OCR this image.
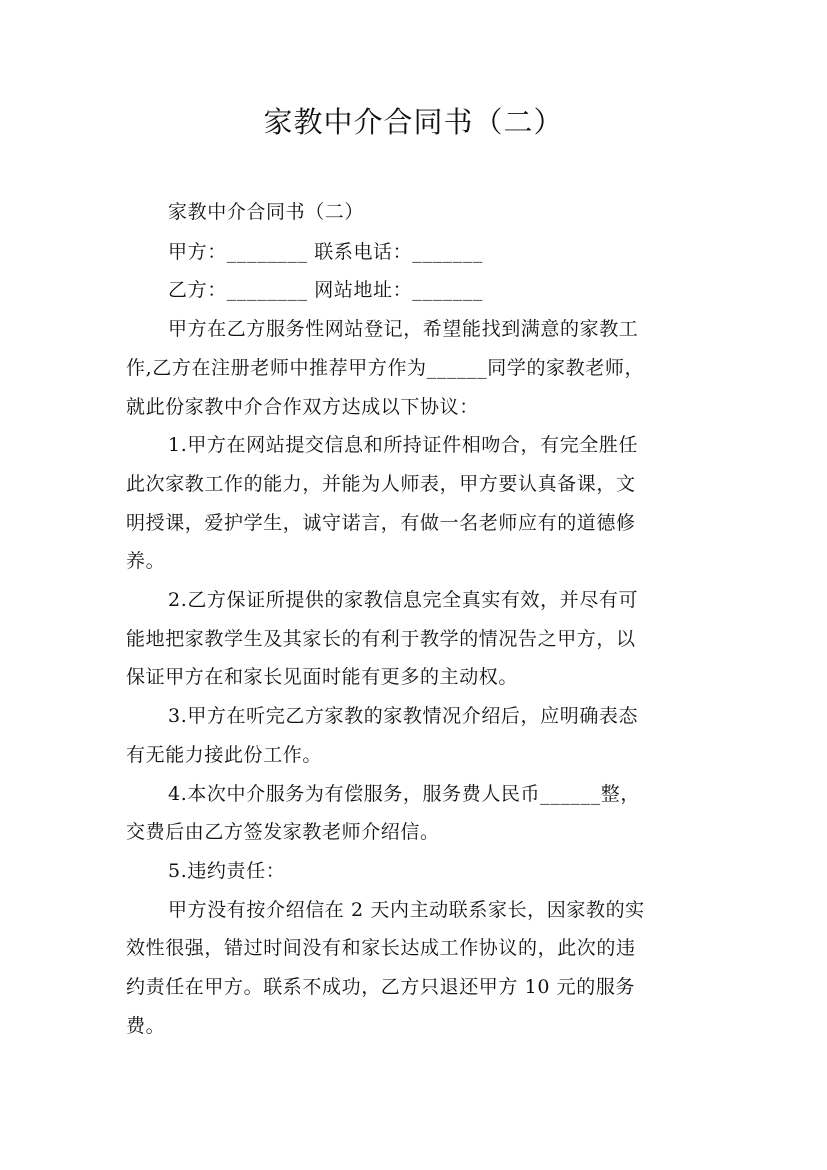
家教中介合同书（二）
家教中介合同书（二）
甲方：________ 联系电话：_______
乙方：________ 网站地址：_______
甲方在乙方服务性网站登记，希望能找到满意的家教工
作,乙方在注册老师中推荐甲方作为______同学的家教老师，
就此份家教中介合作双方达成以下协议：
1.甲方在网站提交信息和所持证件相吻合，有完全胜任
此次家教工作的能力，并能为人师表，甲方要认真备课，文
明授课，爱护学生，诚守诺言，有做一名老师应有的道德修
养。
2.乙方保证所提供的家教信息完全真实有效，并尽有可
能地把家教学生及其家长的有利于教学的情况告之甲方，以
保证甲方在和家长见面时能有更多的主动权。
3.甲方在听完乙方家教的家教情况介绍后，应明确表态
有无能力接此份工作。
4.本次中介服务为有偿服务，服务费人民币______整，
交费后由乙方签发家教老师介绍信。
5.违约责任：
甲方没有按介绍信在 2 天内主动联系家长，因家教的实
效性很强，错过时间没有和家长达成工作协议的，此次的违
约责任在甲方。联系不成功，乙方只退还甲方 10 元的服务
费。
